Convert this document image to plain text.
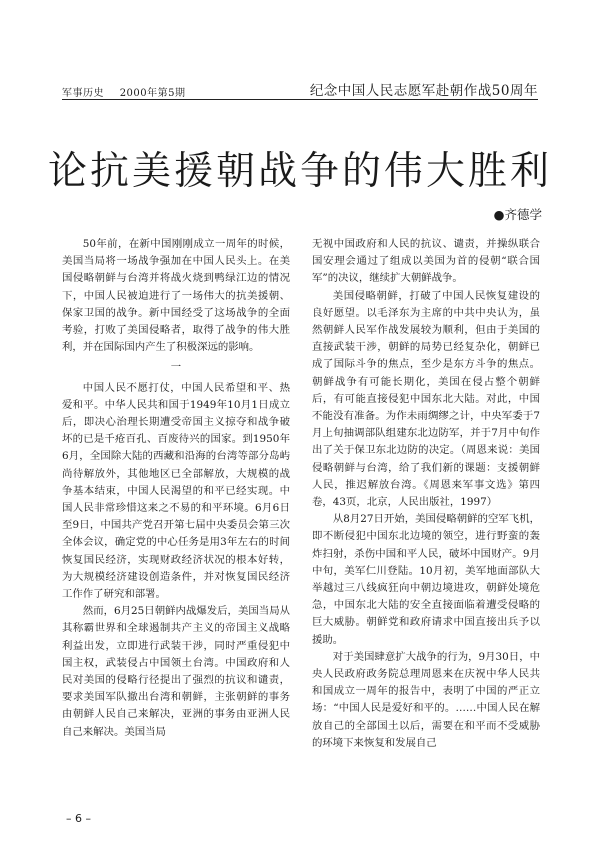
军事历史 2000年第5期	纪念中国人民志愿军赴朝作战50周年
论抗美援朝战争的伟大胜利
●齐德学

50年前，在新中国刚刚成立一周年的时候，美国当局将一场战争强加在中国人民头上。在美国侵略朝鲜与台湾并将战火烧到鸭绿江边的情况下，中国人民被迫进行了一场伟大的抗美援朝、保家卫国的战争。新中国经受了这场战争的全面考验，打败了美国侵略者，取得了战争的伟大胜利，并在国际国内产生了积极深远的影响。

一

中国人民不愿打仗，中国人民希望和平、热爱和平。中华人民共和国于1949年10月1日成立后，即决心治理长期遭受帝国主义掠夺和战争破坏的已是千疮百孔、百废待兴的国家。到1950年6月，全国除大陆的西藏和沿海的台湾等部分岛屿尚待解放外，其他地区已全部解放，大规模的战争基本结束，中国人民渴望的和平已经实现。中国人民非常珍惜这来之不易的和平环境。6月6日至9日，中国共产党召开第七届中央委员会第三次全体会议，确定党的中心任务是用3年左右的时间恢复国民经济，实现财政经济状况的根本好转，为大规模经济建设创造条件，并对恢复国民经济工作作了研究和部署。

然而，6月25日朝鲜内战爆发后，美国当局从其称霸世界和全球遏制共产主义的帝国主义战略利益出发，立即进行武装干涉，同时严重侵犯中国主权，武装侵占中国领土台湾。中国政府和人民对美国的侵略行径提出了强烈的抗议和谴责，要求美国军队撤出台湾和朝鲜，主张朝鲜的事务由朝鲜人民自己来解决，亚洲的事务由亚洲人民自己来解决。美国当局

无视中国政府和人民的抗议、谴责，并操纵联合国安理会通过了组成以美国为首的侵朝“联合国军”的决议，继续扩大朝鲜战争。

美国侵略朝鲜，打破了中国人民恢复建设的良好愿望。以毛泽东为主席的中共中央认为，虽然朝鲜人民军作战发展较为顺利，但由于美国的直接武装干涉，朝鲜的局势已经复杂化，朝鲜已成了国际斗争的焦点，至少是东方斗争的焦点。朝鲜战争有可能长期化，美国在侵占整个朝鲜后，有可能直接侵犯中国东北大陆。对此，中国不能没有准备。为作未雨绸缪之计，中央军委于7月上旬抽调部队组建东北边防军，并于7月中旬作出了关于保卫东北边防的决定。（周恩来说：美国侵略朝鲜与台湾，给了我们新的课题：支援朝鲜人民，推迟解放台湾。《周恩来军事文选》第四卷，43页，北京，人民出版社，1997）

从8月27日开始，美国侵略朝鲜的空军飞机，即不断侵犯中国东北边境的领空，进行野蛮的轰炸扫射，杀伤中国和平人民，破坏中国财产。9月中旬，美军仁川登陆。10月初，美军地面部队大举越过三八线疯狂向中朝边境进攻，朝鲜处境危急，中国东北大陆的安全直接面临着遭受侵略的巨大威胁。朝鲜党和政府请求中国直接出兵予以援助。

对于美国肆意扩大战争的行为，9月30日，中央人民政府政务院总理周恩来在庆祝中华人民共和国成立一周年的报告中，表明了中国的严正立场：“中国人民是爱好和平的。……中国人民在解放自己的全部国土以后，需要在和平而不受威胁的环境下来恢复和发展自己

– 6 –
